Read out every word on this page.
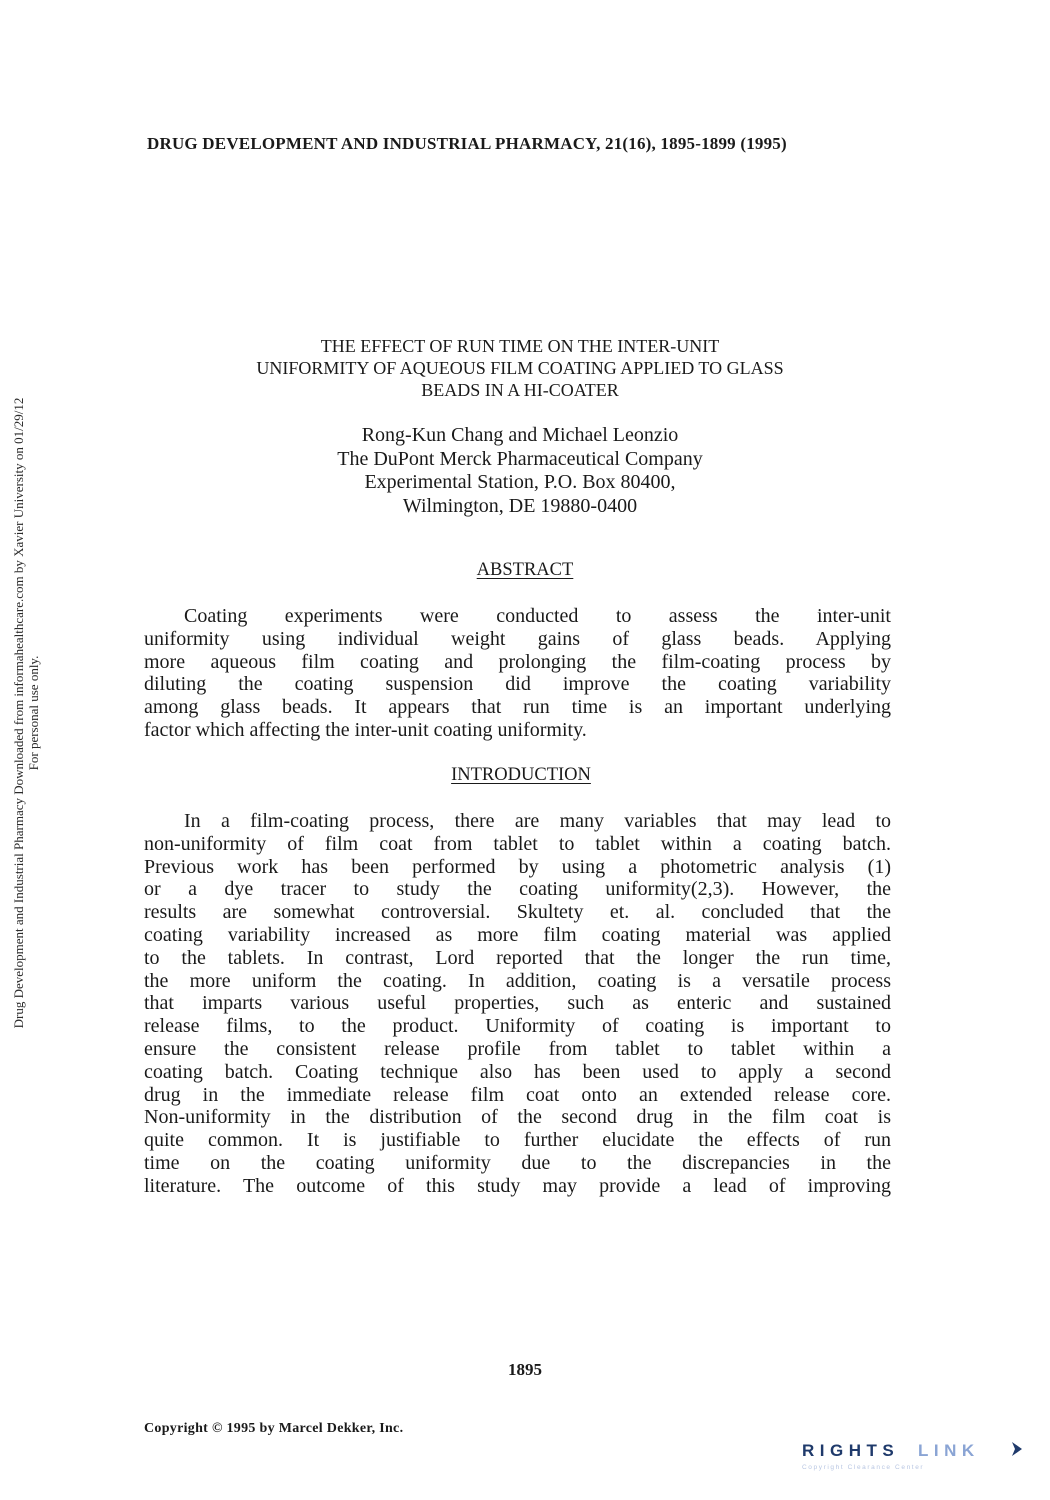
DRUG DEVELOPMENT AND INDUSTRIAL PHARMACY, 21(16), 1895-1899 (1995)
Drug Development and Industrial Pharmacy Downloaded from informahealthcare.com by Xavier University on 01/29/12 For personal use only.
THE EFFECT OF RUN TIME ON THE INTER-UNIT
UNIFORMITY OF AQUEOUS FILM COATING APPLIED TO GLASS
BEADS IN A HI-COATER
Rong-Kun Chang and Michael Leonzio
The DuPont Merck Pharmaceutical Company
Experimental Station, P.O. Box 80400,
Wilmington, DE 19880-0400
ABSTRACT
Coating experiments were conducted to assess the inter-unit
uniformity using individual weight gains of glass beads. Applying
more aqueous film coating and prolonging the film-coating process by
diluting the coating suspension did improve the coating variability
among glass beads. It appears that run time is an important underlying
factor which affecting the inter-unit coating uniformity.
INTRODUCTION
In a film-coating process, there are many variables that may lead to
non-uniformity of film coat from tablet to tablet within a coating batch.
Previous work has been performed by using a photometric analysis (1)
or a dye tracer to study the coating uniformity(2,3). However, the
results are somewhat controversial. Skultety et. al. concluded that the
coating variability increased as more film coating material was applied
to the tablets. In contrast, Lord reported that the longer the run time,
the more uniform the coating. In addition, coating is a versatile process
that imparts various useful properties, such as enteric and sustained
release films, to the product. Uniformity of coating is important to
ensure the consistent release profile from tablet to tablet within a
coating batch. Coating technique also has been used to apply a second
drug in the immediate release film coat onto an extended release core.
Non-uniformity in the distribution of the second drug in the film coat is
quite common. It is justifiable to further elucidate the effects of run
time on the coating uniformity due to the discrepancies in the
literature. The outcome of this study may provide a lead of improving
1895
Copyright © 1995 by Marcel Dekker, Inc.
RIGHTS LINK
Copyright Clearance Center
